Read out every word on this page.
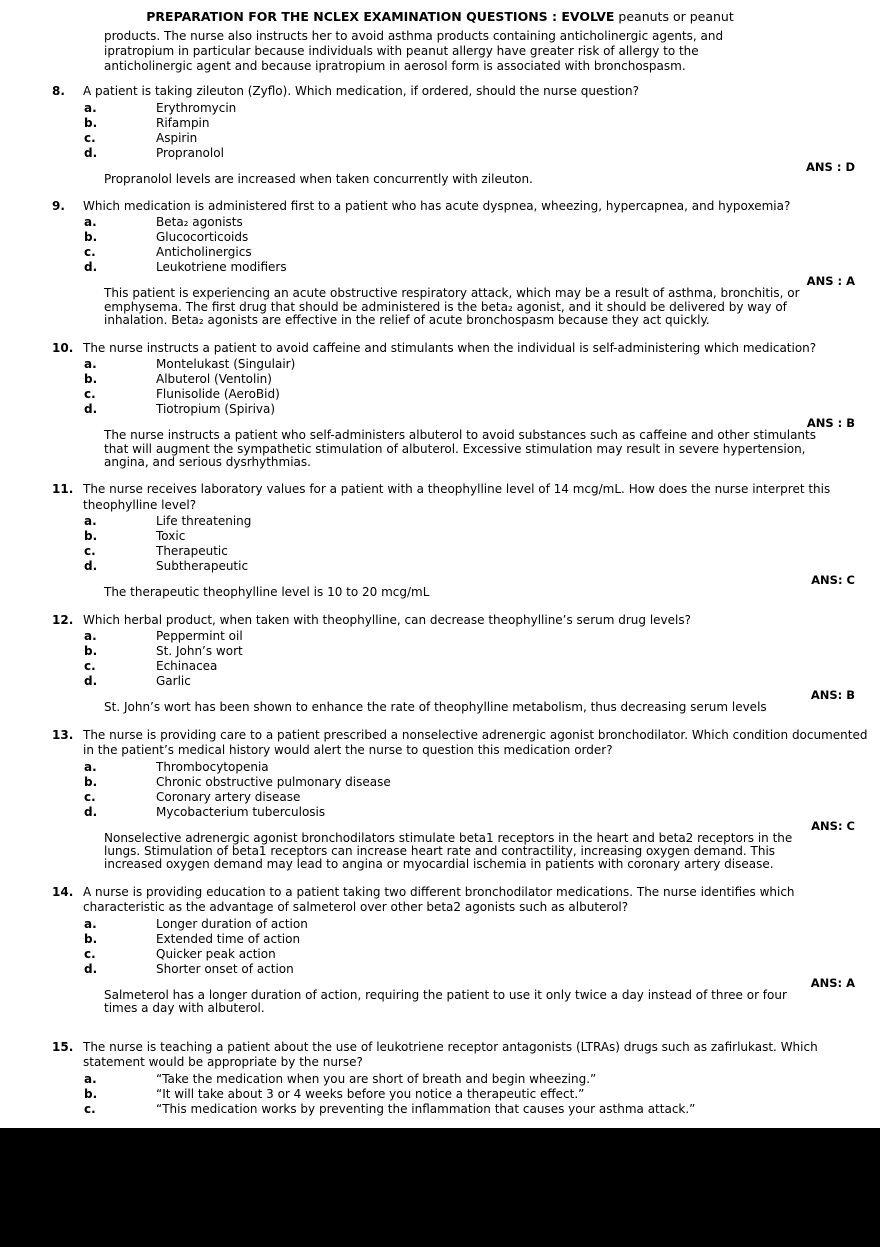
PREPARATION FOR THE NCLEX EXAMINATION QUESTIONS : EVOLVE peanuts or peanut
products. The nurse also instructs her to avoid asthma products containing anticholinergic agents, and ipratropium in particular because individuals with peanut allergy have greater risk of allergy to the anticholinergic agent and because ipratropium in aerosol form is associated with bronchospasm.
8. A patient is taking zileuton (Zyflo). Which medication, if ordered, should the nurse question?
a.	Erythromycin
b.	Rifampin
c.	Aspirin
d.	Propranolol
ANS : D
Propranolol levels are increased when taken concurrently with zileuton.
9. Which medication is administered first to a patient who has acute dyspnea, wheezing, hypercapnea, and hypoxemia?
a.	Beta₂ agonists
b.	Glucocorticoids
c.	Anticholinergics
d.	Leukotriene modifiers
ANS : A
This patient is experiencing an acute obstructive respiratory attack, which may be a result of asthma, bronchitis, or emphysema. The first drug that should be administered is the beta₂ agonist, and it should be delivered by way of inhalation. Beta₂ agonists are effective in the relief of acute bronchospasm because they act quickly.
10. The nurse instructs a patient to avoid caffeine and stimulants when the individual is self-administering which medication?
a.	Montelukast (Singulair)
b.	Albuterol (Ventolin)
c.	Flunisolide (AeroBid)
d.	Tiotropium (Spiriva)
ANS : B
The nurse instructs a patient who self-administers albuterol to avoid substances such as caffeine and other stimulants that will augment the sympathetic stimulation of albuterol. Excessive stimulation may result in severe hypertension, angina, and serious dysrhythmias.
11. The nurse receives laboratory values for a patient with a theophylline level of 14 mcg/mL. How does the nurse interpret this theophylline level?
a.	Life threatening
b.	Toxic
c.	Therapeutic
d.	Subtherapeutic
ANS: C
The therapeutic theophylline level is 10 to 20 mcg/mL
12. Which herbal product, when taken with theophylline, can decrease theophylline’s serum drug levels?
a.	Peppermint oil
b.	St. John’s wort
c.	Echinacea
d.	Garlic
ANS: B
St. John’s wort has been shown to enhance the rate of theophylline metabolism, thus decreasing serum levels
13. The nurse is providing care to a patient prescribed a nonselective adrenergic agonist bronchodilator. Which condition documented in the patient’s medical history would alert the nurse to question this medication order?
a.	Thrombocytopenia
b.	Chronic obstructive pulmonary disease
c.	Coronary artery disease
d.	Mycobacterium tuberculosis
ANS: C
Nonselective adrenergic agonist bronchodilators stimulate beta1 receptors in the heart and beta2 receptors in the lungs. Stimulation of beta1 receptors can increase heart rate and contractility, increasing oxygen demand. This increased oxygen demand may lead to angina or myocardial ischemia in patients with coronary artery disease.
14. A nurse is providing education to a patient taking two different bronchodilator medications. The nurse identifies which characteristic as the advantage of salmeterol over other beta2 agonists such as albuterol?
a.	Longer duration of action
b.	Extended time of action
c.	Quicker peak action
d.	Shorter onset of action
ANS: A
Salmeterol has a longer duration of action, requiring the patient to use it only twice a day instead of three or four times a day with albuterol.
15. The nurse is teaching a patient about the use of leukotriene receptor antagonists (LTRAs) drugs such as zafirlukast. Which statement would be appropriate by the nurse?
a.	“Take the medication when you are short of breath and begin wheezing.”
b.	“It will take about 3 or 4 weeks before you notice a therapeutic effect.”
c.	“This medication works by preventing the inflammation that causes your asthma attack.”
